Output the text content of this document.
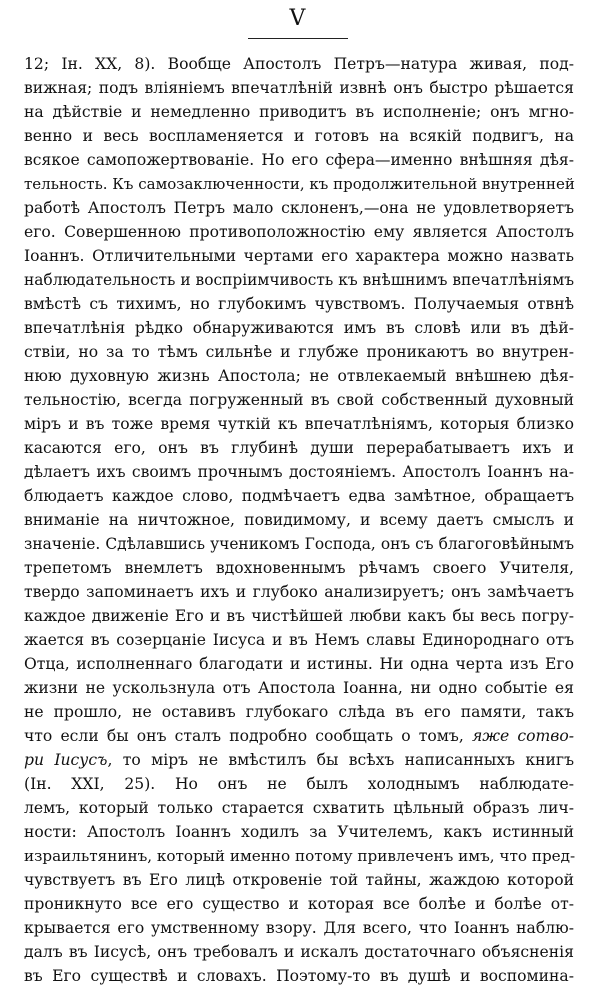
V
12; Ін. XX, 8). Вообще Апостолъ Петръ—натура живая, под-
вижная; подъ вліяніемъ впечатлѣній извнѣ онъ быстро рѣшается
на дѣйствіе и немедленно приводитъ въ исполненіе; онъ мгно-
венно и весь воспламеняется и готовъ на всякій подвигъ, на
всякое самопожертвованіе. Но его сфера—именно внѣшняя дѣя-
тельность. Къ самозаключенности, къ продолжительной внутренней
работѣ Апостолъ Петръ мало склоненъ,—она не удовлетворяетъ
его. Совершенною противоположностію ему является Апостолъ
Іоаннъ. Отличительными чертами его характера можно назвать
наблюдательность и воспріимчивость къ внѣшнимъ впечатлѣніямъ
вмѣстѣ съ тихимъ, но глубокимъ чувствомъ. Получаемыя отвнѣ
впечатлѣнія рѣдко обнаруживаются имъ въ словѣ или въ дѣй-
ствіи, но за то тѣмъ сильнѣе и глубже проникаютъ во внутрен-
нюю духовную жизнь Апостола; не отвлекаемый внѣшнею дѣя-
тельностію, всегда погруженный въ свой собственный духовный
міръ и въ тоже время чуткій къ впечатлѣніямъ, которыя близко
касаются его, онъ въ глубинѣ души перерабатываетъ ихъ и
дѣлаетъ ихъ своимъ прочнымъ достояніемъ. Апостолъ Іоаннъ на-
блюдаетъ каждое слово, подмѣчаетъ едва замѣтное, обращаетъ
вниманіе на ничтожное, повидимому, и всему даетъ смыслъ и
значеніе. Сдѣлавшись ученикомъ Господа, онъ съ благоговѣйнымъ
трепетомъ внемлетъ вдохновеннымъ рѣчамъ своего Учителя,
твердо запоминаетъ ихъ и глубоко анализируетъ; онъ замѣчаетъ
каждое движеніе Его и въ чистѣйшей любви какъ бы весь погру-
жается въ созерцаніе Іисуса и въ Немъ славы Единороднаго отъ
Отца, исполненнаго благодати и истины. Ни одна черта изъ Его
жизни не ускользнула отъ Апостола Іоанна, ни одно событіе ея
не прошло, не оставивъ глубокаго слѣда въ его памяти, такъ
что если бы онъ сталъ подробно сообщать о томъ, яже сотво-
ри Іисусъ, то міръ не вмѣстилъ бы всѣхъ написанныхъ книгъ
(Ін. XXI, 25). Но онъ не былъ холоднымъ наблюдате-
лемъ, который только старается схватить цѣльный образъ лич-
ности: Апостолъ Іоаннъ ходилъ за Учителемъ, какъ истинный
израильтянинъ, который именно потому привлеченъ имъ, что пред-
чувствуетъ въ Его лицѣ откровеніе той тайны, жаждою которой
проникнуто все его существо и которая все болѣе и болѣе от-
крывается его умственному взору. Для всего, что Іоаннъ наблю-
далъ въ Іисусѣ, онъ требовалъ и искалъ достаточнаго объясненія
въ Его существѣ и словахъ. Поэтому-то въ душѣ и воспомина-
